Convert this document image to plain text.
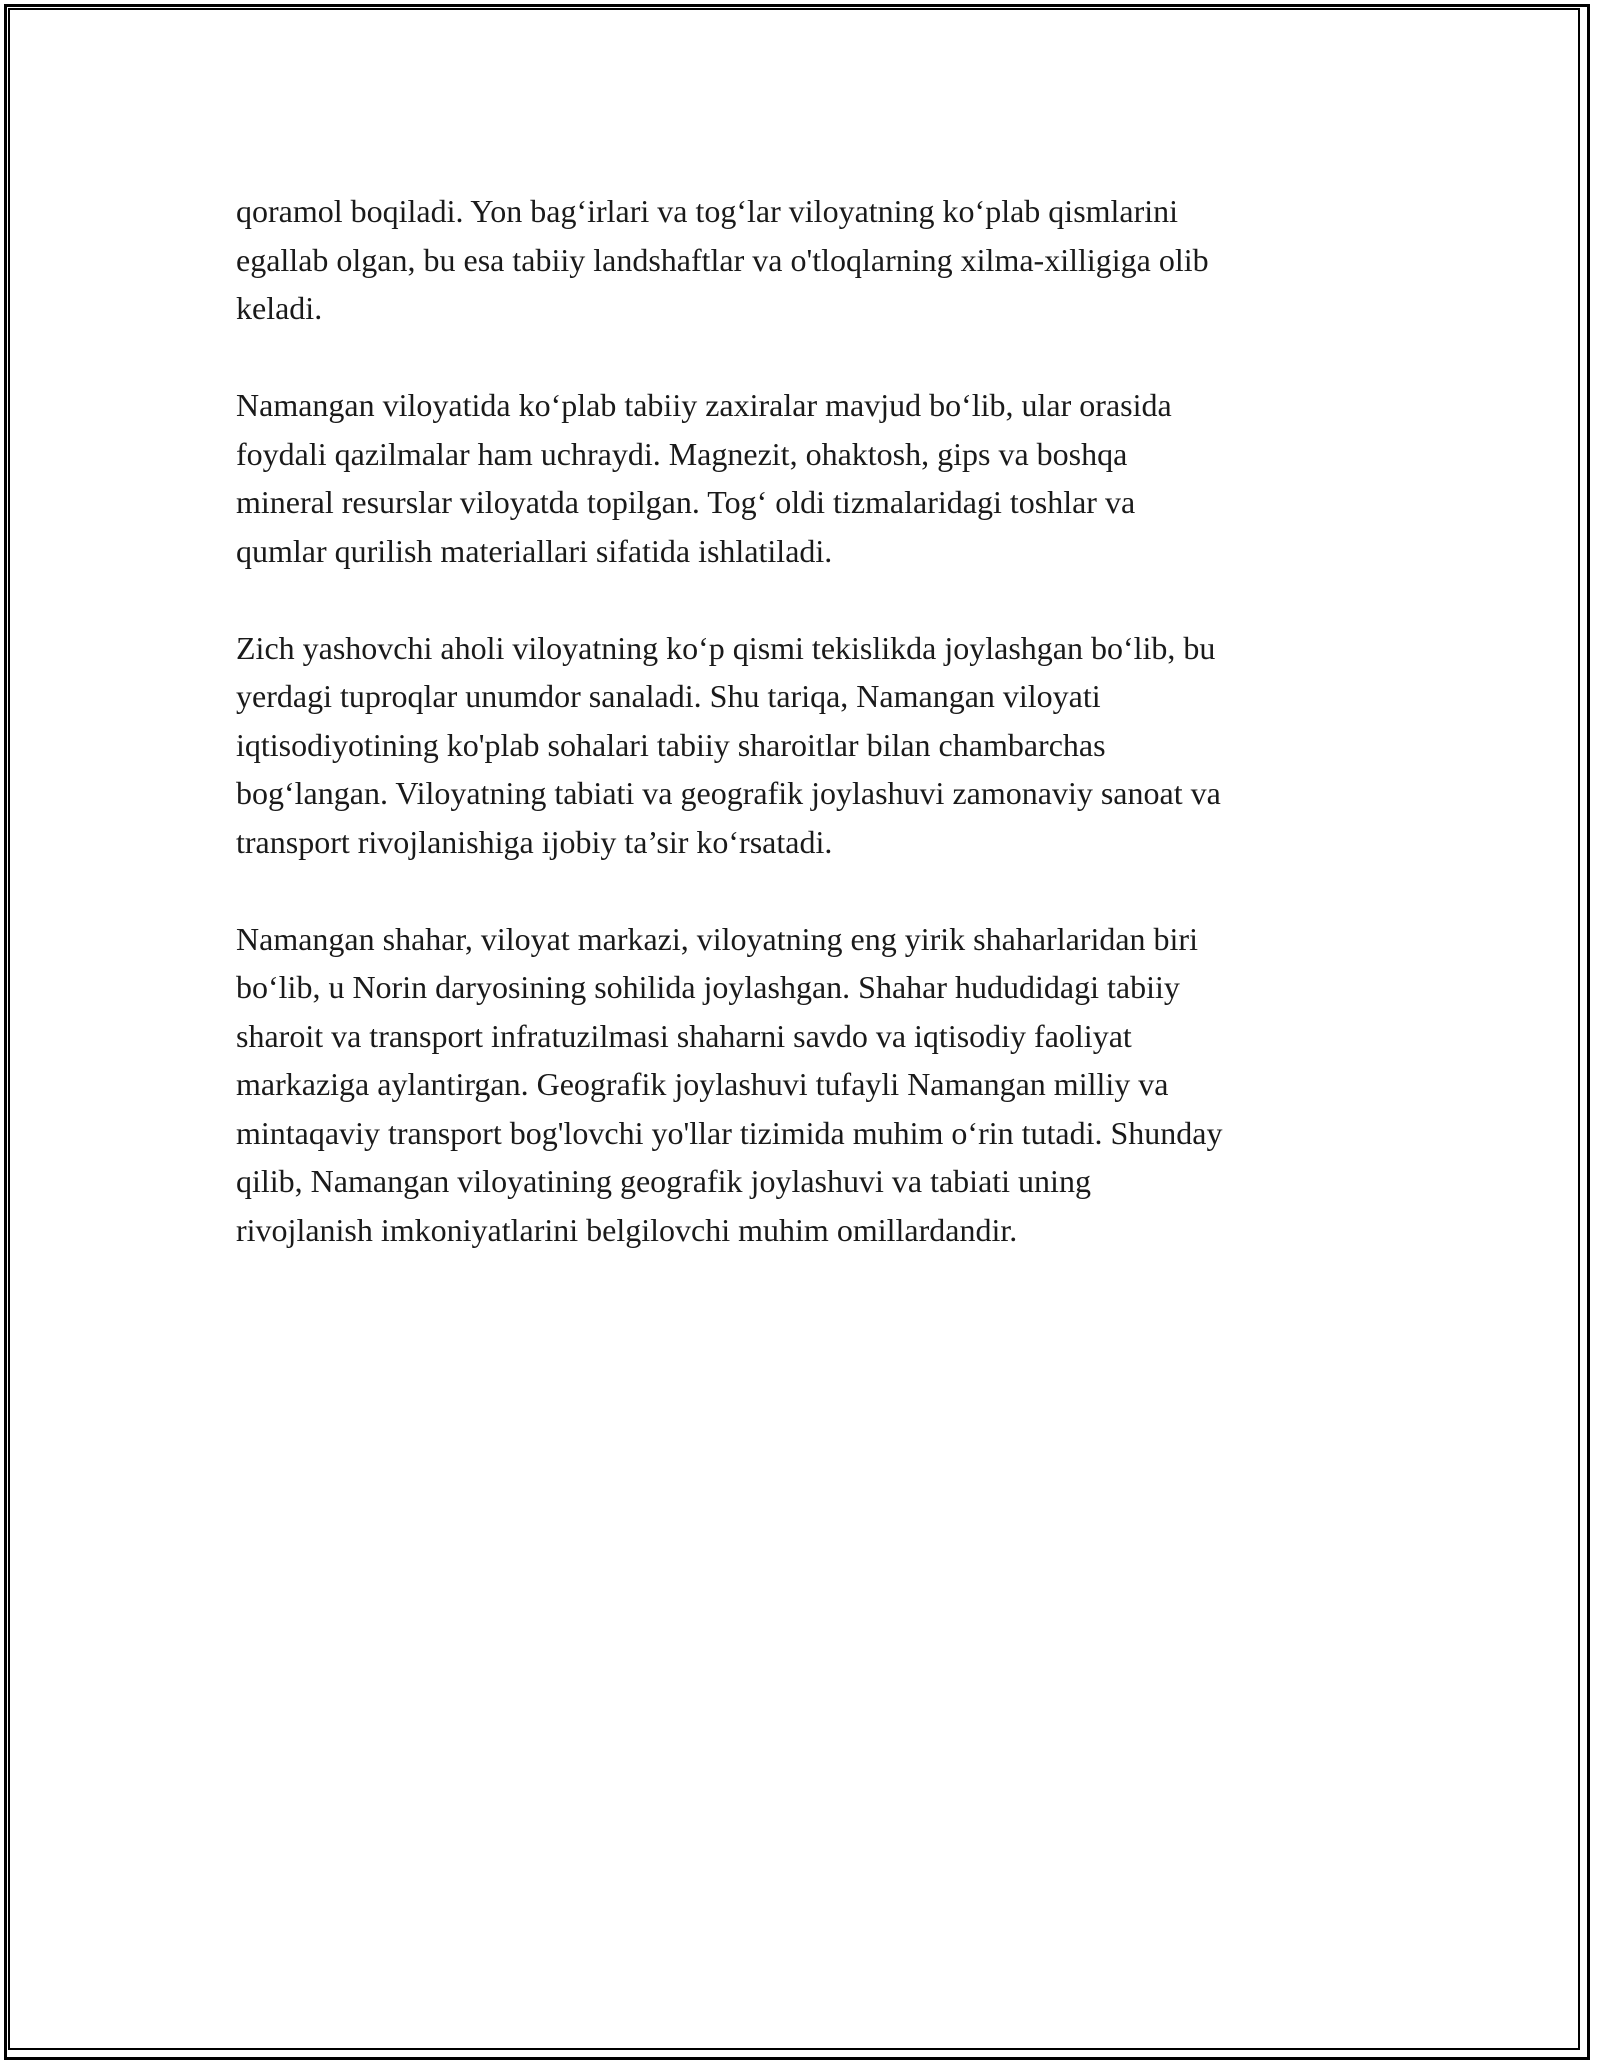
qoramol boqiladi. Yon bag‘irlari va tog‘lar viloyatning ko‘plab qismlarini
egallab olgan, bu esa tabiiy landshaftlar va o'tloqlarning xilma-xilligiga olib
keladi.

Namangan viloyatida ko‘plab tabiiy zaxiralar mavjud bo‘lib, ular orasida
foydali qazilmalar ham uchraydi. Magnezit, ohaktosh, gips va boshqa
mineral resurslar viloyatda topilgan. Tog‘ oldi tizmalaridagi toshlar va
qumlar qurilish materiallari sifatida ishlatiladi.

Zich yashovchi aholi viloyatning ko‘p qismi tekislikda joylashgan bo‘lib, bu
yerdagi tuproqlar unumdor sanaladi. Shu tariqa, Namangan viloyati
iqtisodiyotining ko'plab sohalari tabiiy sharoitlar bilan chambarchas
bog‘langan. Viloyatning tabiati va geografik joylashuvi zamonaviy sanoat va
transport rivojlanishiga ijobiy ta’sir ko‘rsatadi.

Namangan shahar, viloyat markazi, viloyatning eng yirik shaharlaridan biri
bo‘lib, u Norin daryosining sohilida joylashgan. Shahar hududidagi tabiiy
sharoit va transport infratuzilmasi shaharni savdo va iqtisodiy faoliyat
markaziga aylantirgan. Geografik joylashuvi tufayli Namangan milliy va
mintaqaviy transport bog'lovchi yo'llar tizimida muhim o‘rin tutadi. Shunday
qilib, Namangan viloyatining geografik joylashuvi va tabiati uning
rivojlanish imkoniyatlarini belgilovchi muhim omillardandir.
